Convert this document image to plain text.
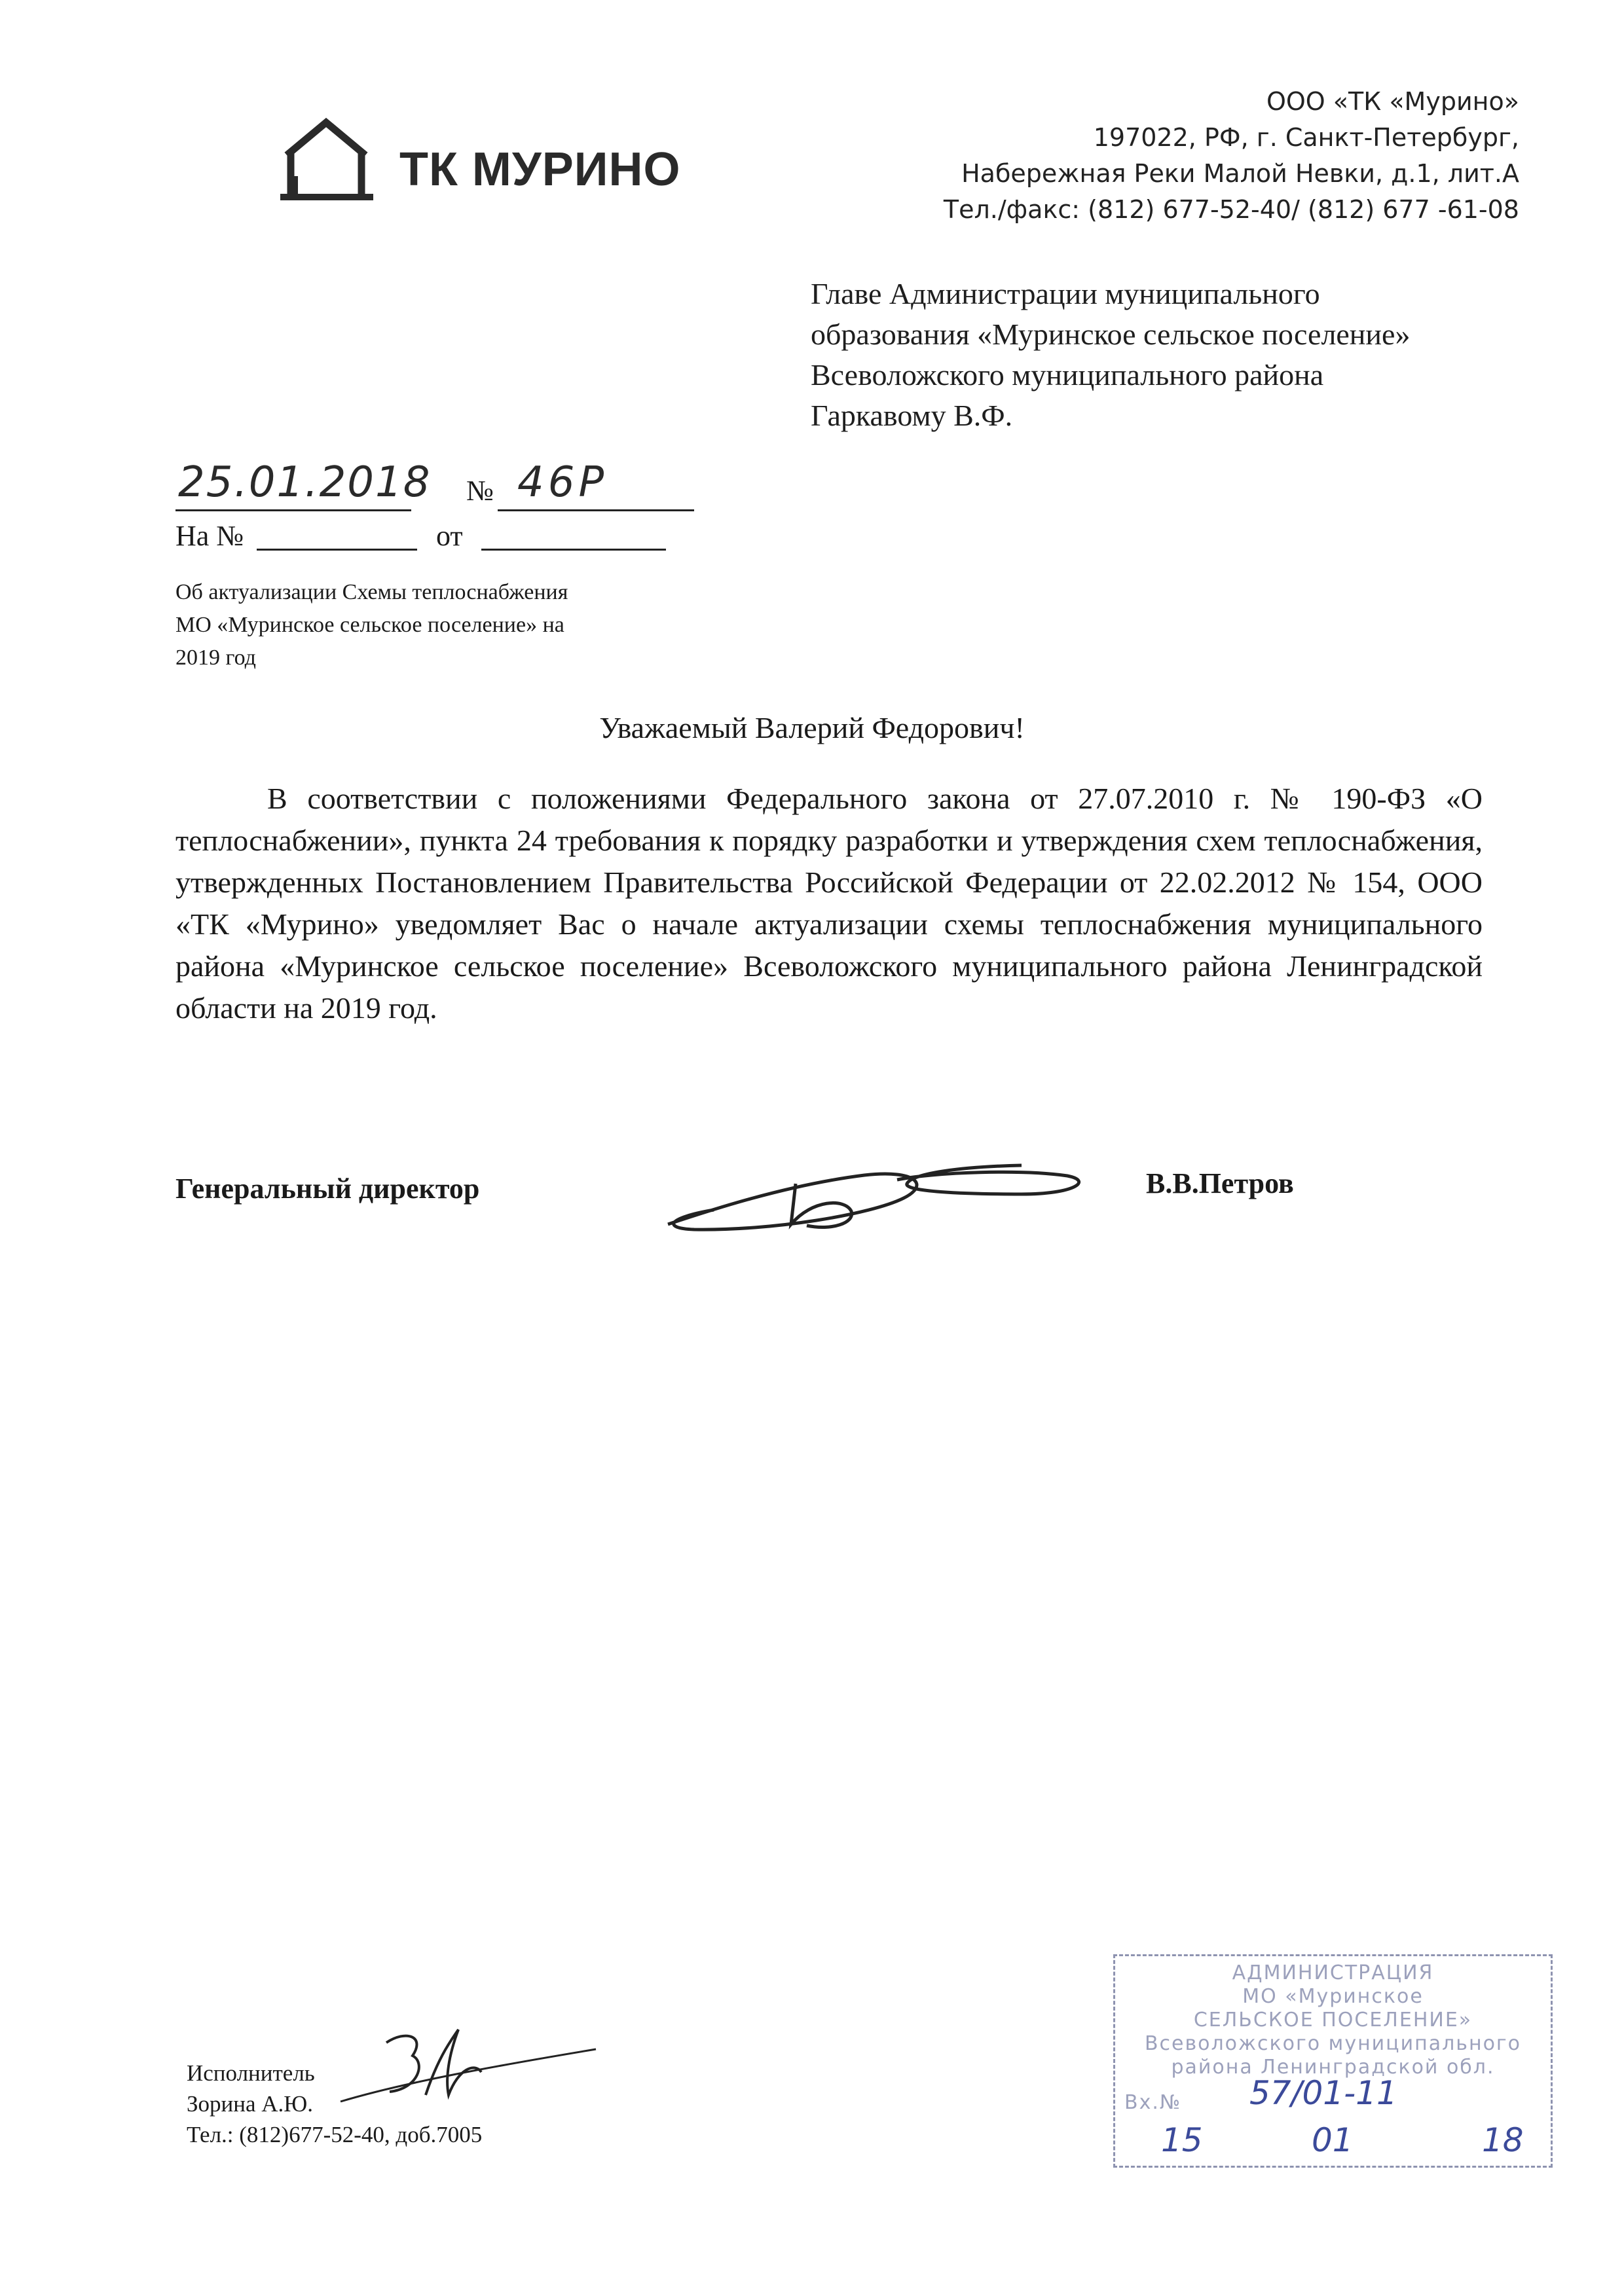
ТК МУРИНО
ООО «ТК «Мурино»
197022, РФ, г. Санкт-Петербург,
Набережная Реки Малой Невки, д.1, лит.А
Тел./факс: (812) 677-52-40/ (812) 677 -61-08
Главе Администрации муниципального
образования «Муринское сельское поселение»
Всеволожского муниципального района
Гаркавому В.Ф.
25.01.2018 № 46Р
На №	от
Об актуализации Схемы теплоснабжения
МО «Муринское сельское поселение» на
2019 год
Уважаемый Валерий Федорович!

В соответствии с положениями Федерального закона от 27.07.2010 г. № 190-ФЗ «О теплоснабжении», пункта 24 требования к порядку разработки и утверждения схем теплоснабжения, утвержденных Постановлением Правительства Российской Федерации от 22.02.2012 № 154, ООО «ТК «Мурино» уведомляет Вас о начале актуализации схемы теплоснабжения муниципального района «Муринское сельское поселение» Всеволожского муниципального района Ленинградской области на 2019 год.

Генеральный директор	В.В.Петров
Исполнитель
Зорина А.Ю.
Тел.: (812)677-52-40, доб.7005
АДМИНИСТРАЦИЯ
МО «Муринское
СЕЛЬСКОЕ ПОСЕЛЕНИЕ»
Всеволожского муниципального
района Ленинградской обл.
Вх.№ 57/01-11
15	01	18
